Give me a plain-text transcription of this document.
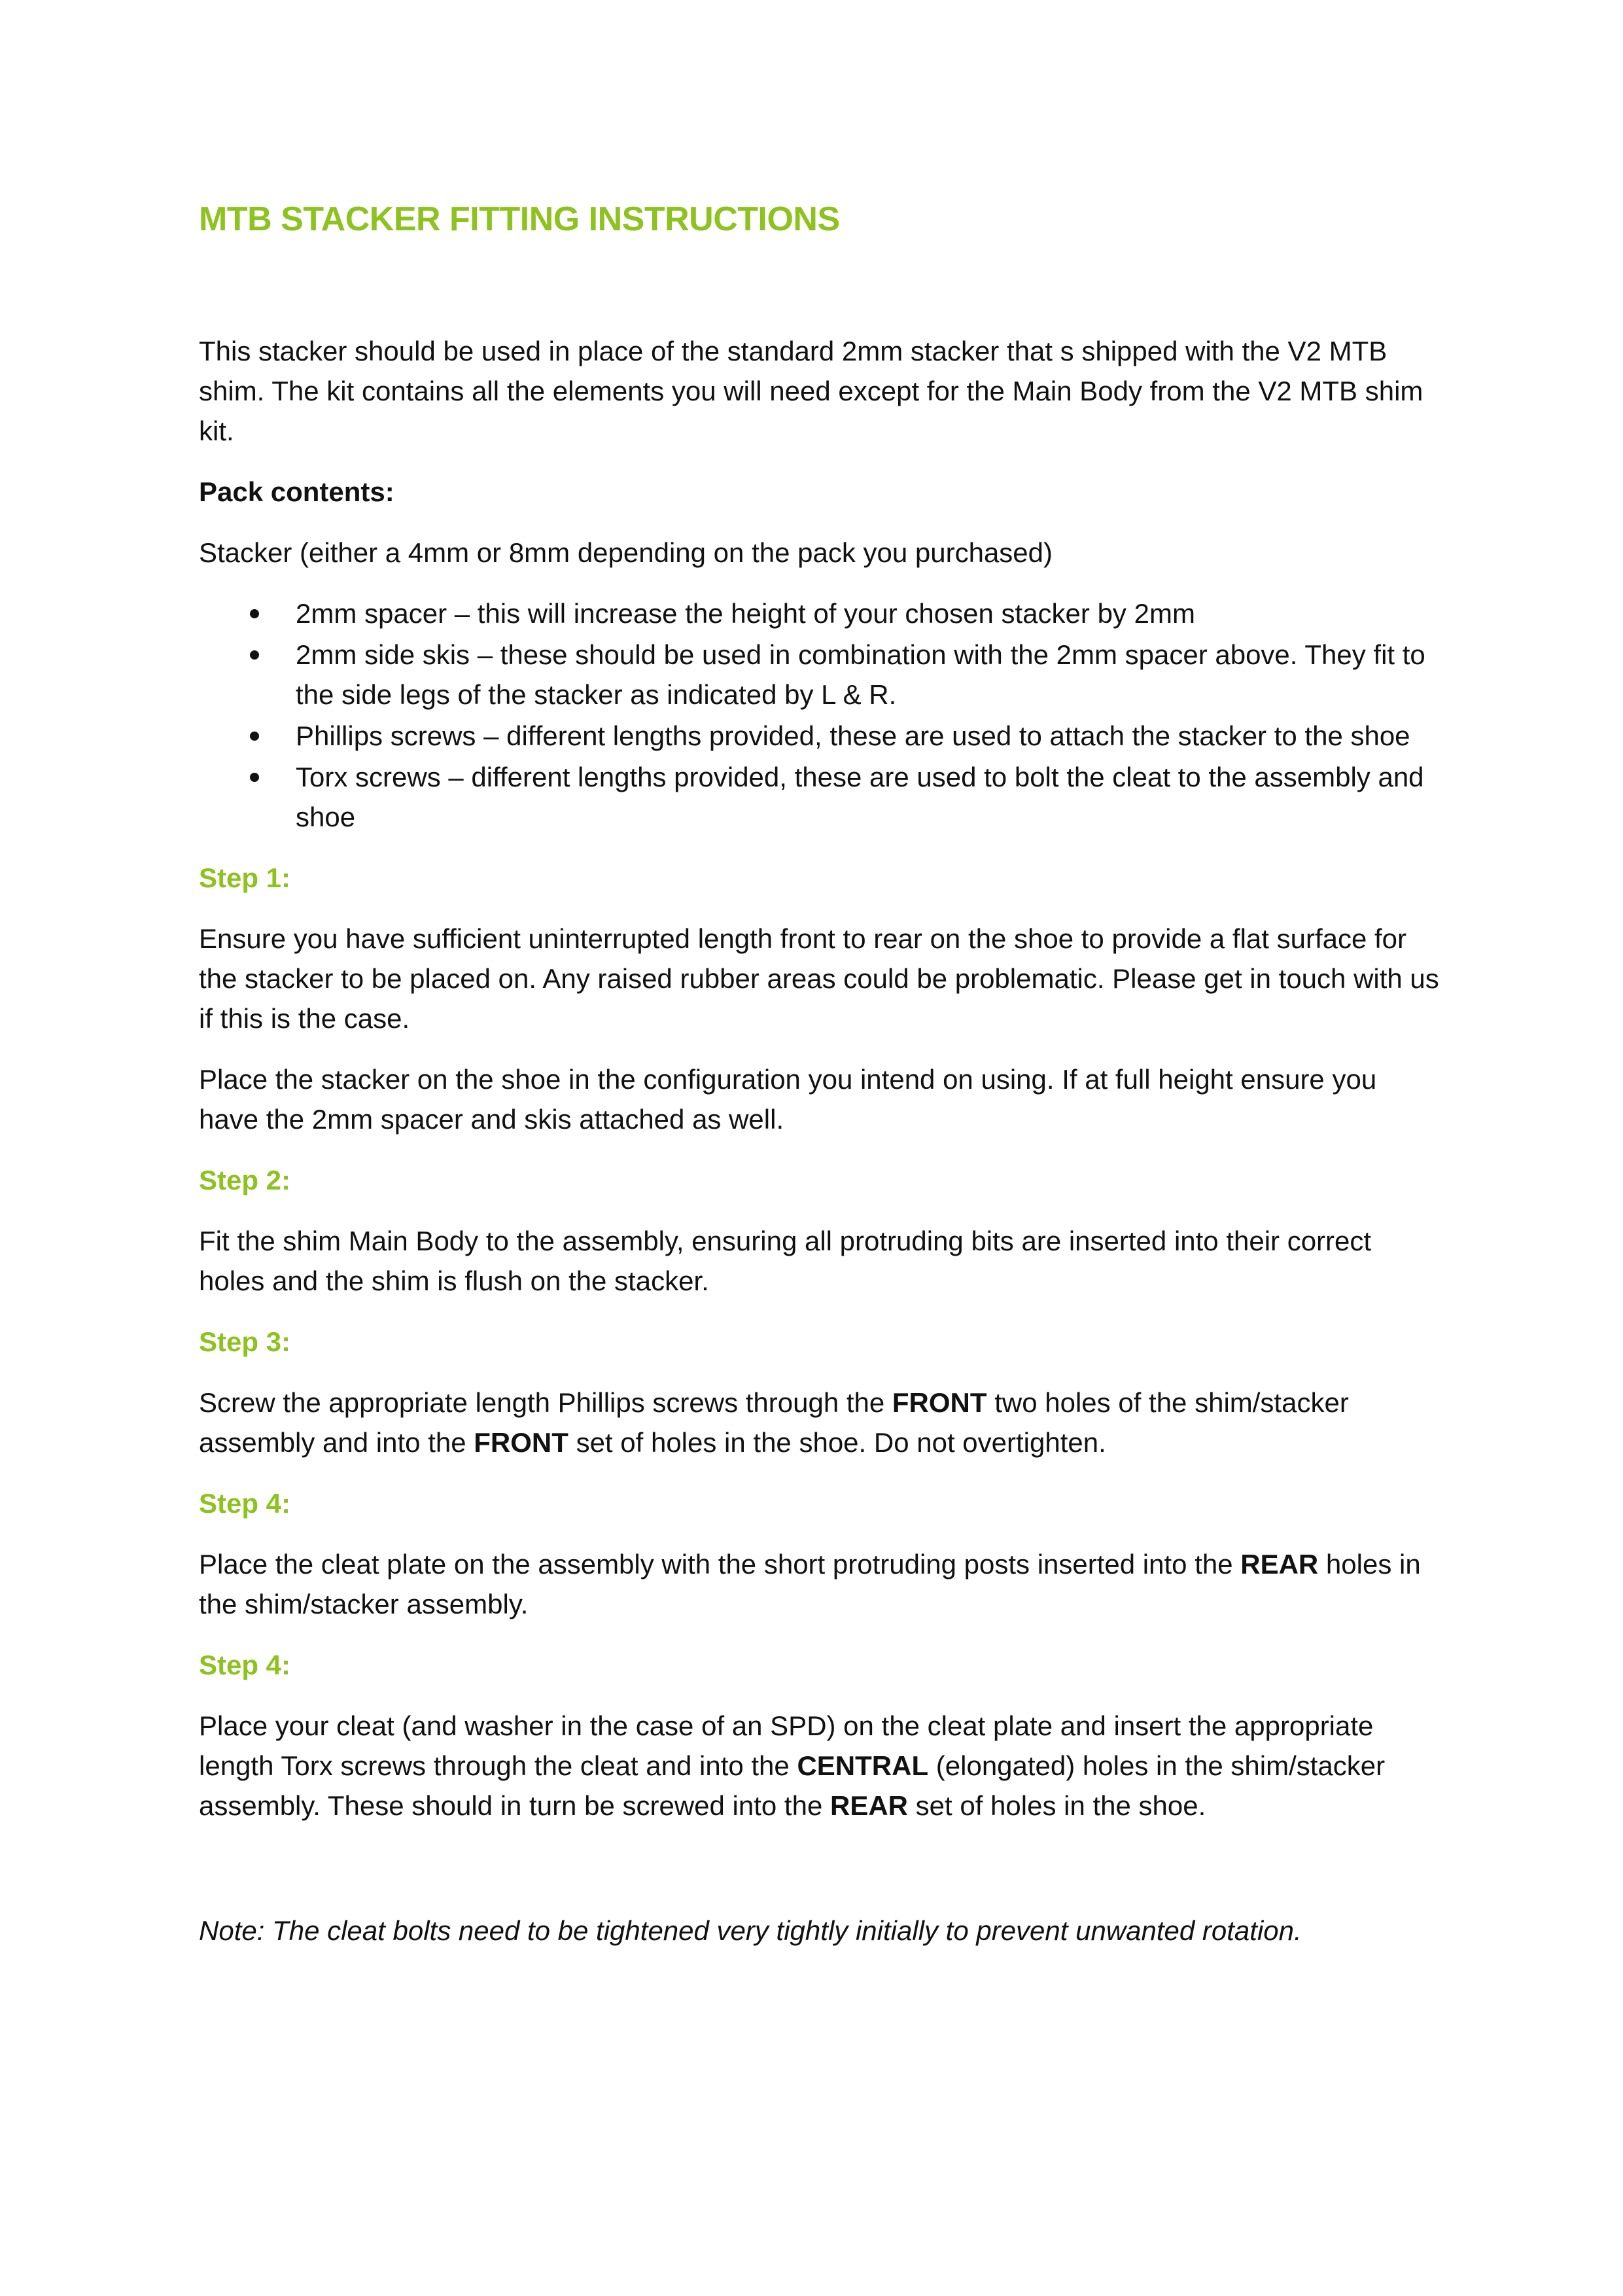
MTB STACKER FITTING INSTRUCTIONS

This stacker should be used in place of the standard 2mm stacker that s shipped with the V2 MTB shim. The kit contains all the elements you will need except for the Main Body from the V2 MTB shim kit.

Pack contents:

Stacker (either a 4mm or 8mm depending on the pack you purchased)

2mm spacer – this will increase the height of your chosen stacker by 2mm
2mm side skis – these should be used in combination with the 2mm spacer above. They fit to the side legs of the stacker as indicated by L & R.
Phillips screws – different lengths provided, these are used to attach the stacker to the shoe
Torx screws – different lengths provided, these are used to bolt the cleat to the assembly and shoe

Step 1:

Ensure you have sufficient uninterrupted length front to rear on the shoe to provide a flat surface for the stacker to be placed on. Any raised rubber areas could be problematic. Please get in touch with us if this is the case.

Place the stacker on the shoe in the configuration you intend on using. If at full height ensure you have the 2mm spacer and skis attached as well.

Step 2:

Fit the shim Main Body to the assembly, ensuring all protruding bits are inserted into their correct holes and the shim is flush on the stacker.

Step 3:

Screw the appropriate length Phillips screws through the FRONT two holes of the shim/stacker assembly and into the FRONT set of holes in the shoe. Do not overtighten.

Step 4:

Place the cleat plate on the assembly with the short protruding posts inserted into the REAR holes in the shim/stacker assembly.

Step 4:

Place your cleat (and washer in the case of an SPD) on the cleat plate and insert the appropriate length Torx screws through the cleat and into the CENTRAL (elongated) holes in the shim/stacker assembly. These should in turn be screwed into the REAR set of holes in the shoe.

Note: The cleat bolts need to be tightened very tightly initially to prevent unwanted rotation.
